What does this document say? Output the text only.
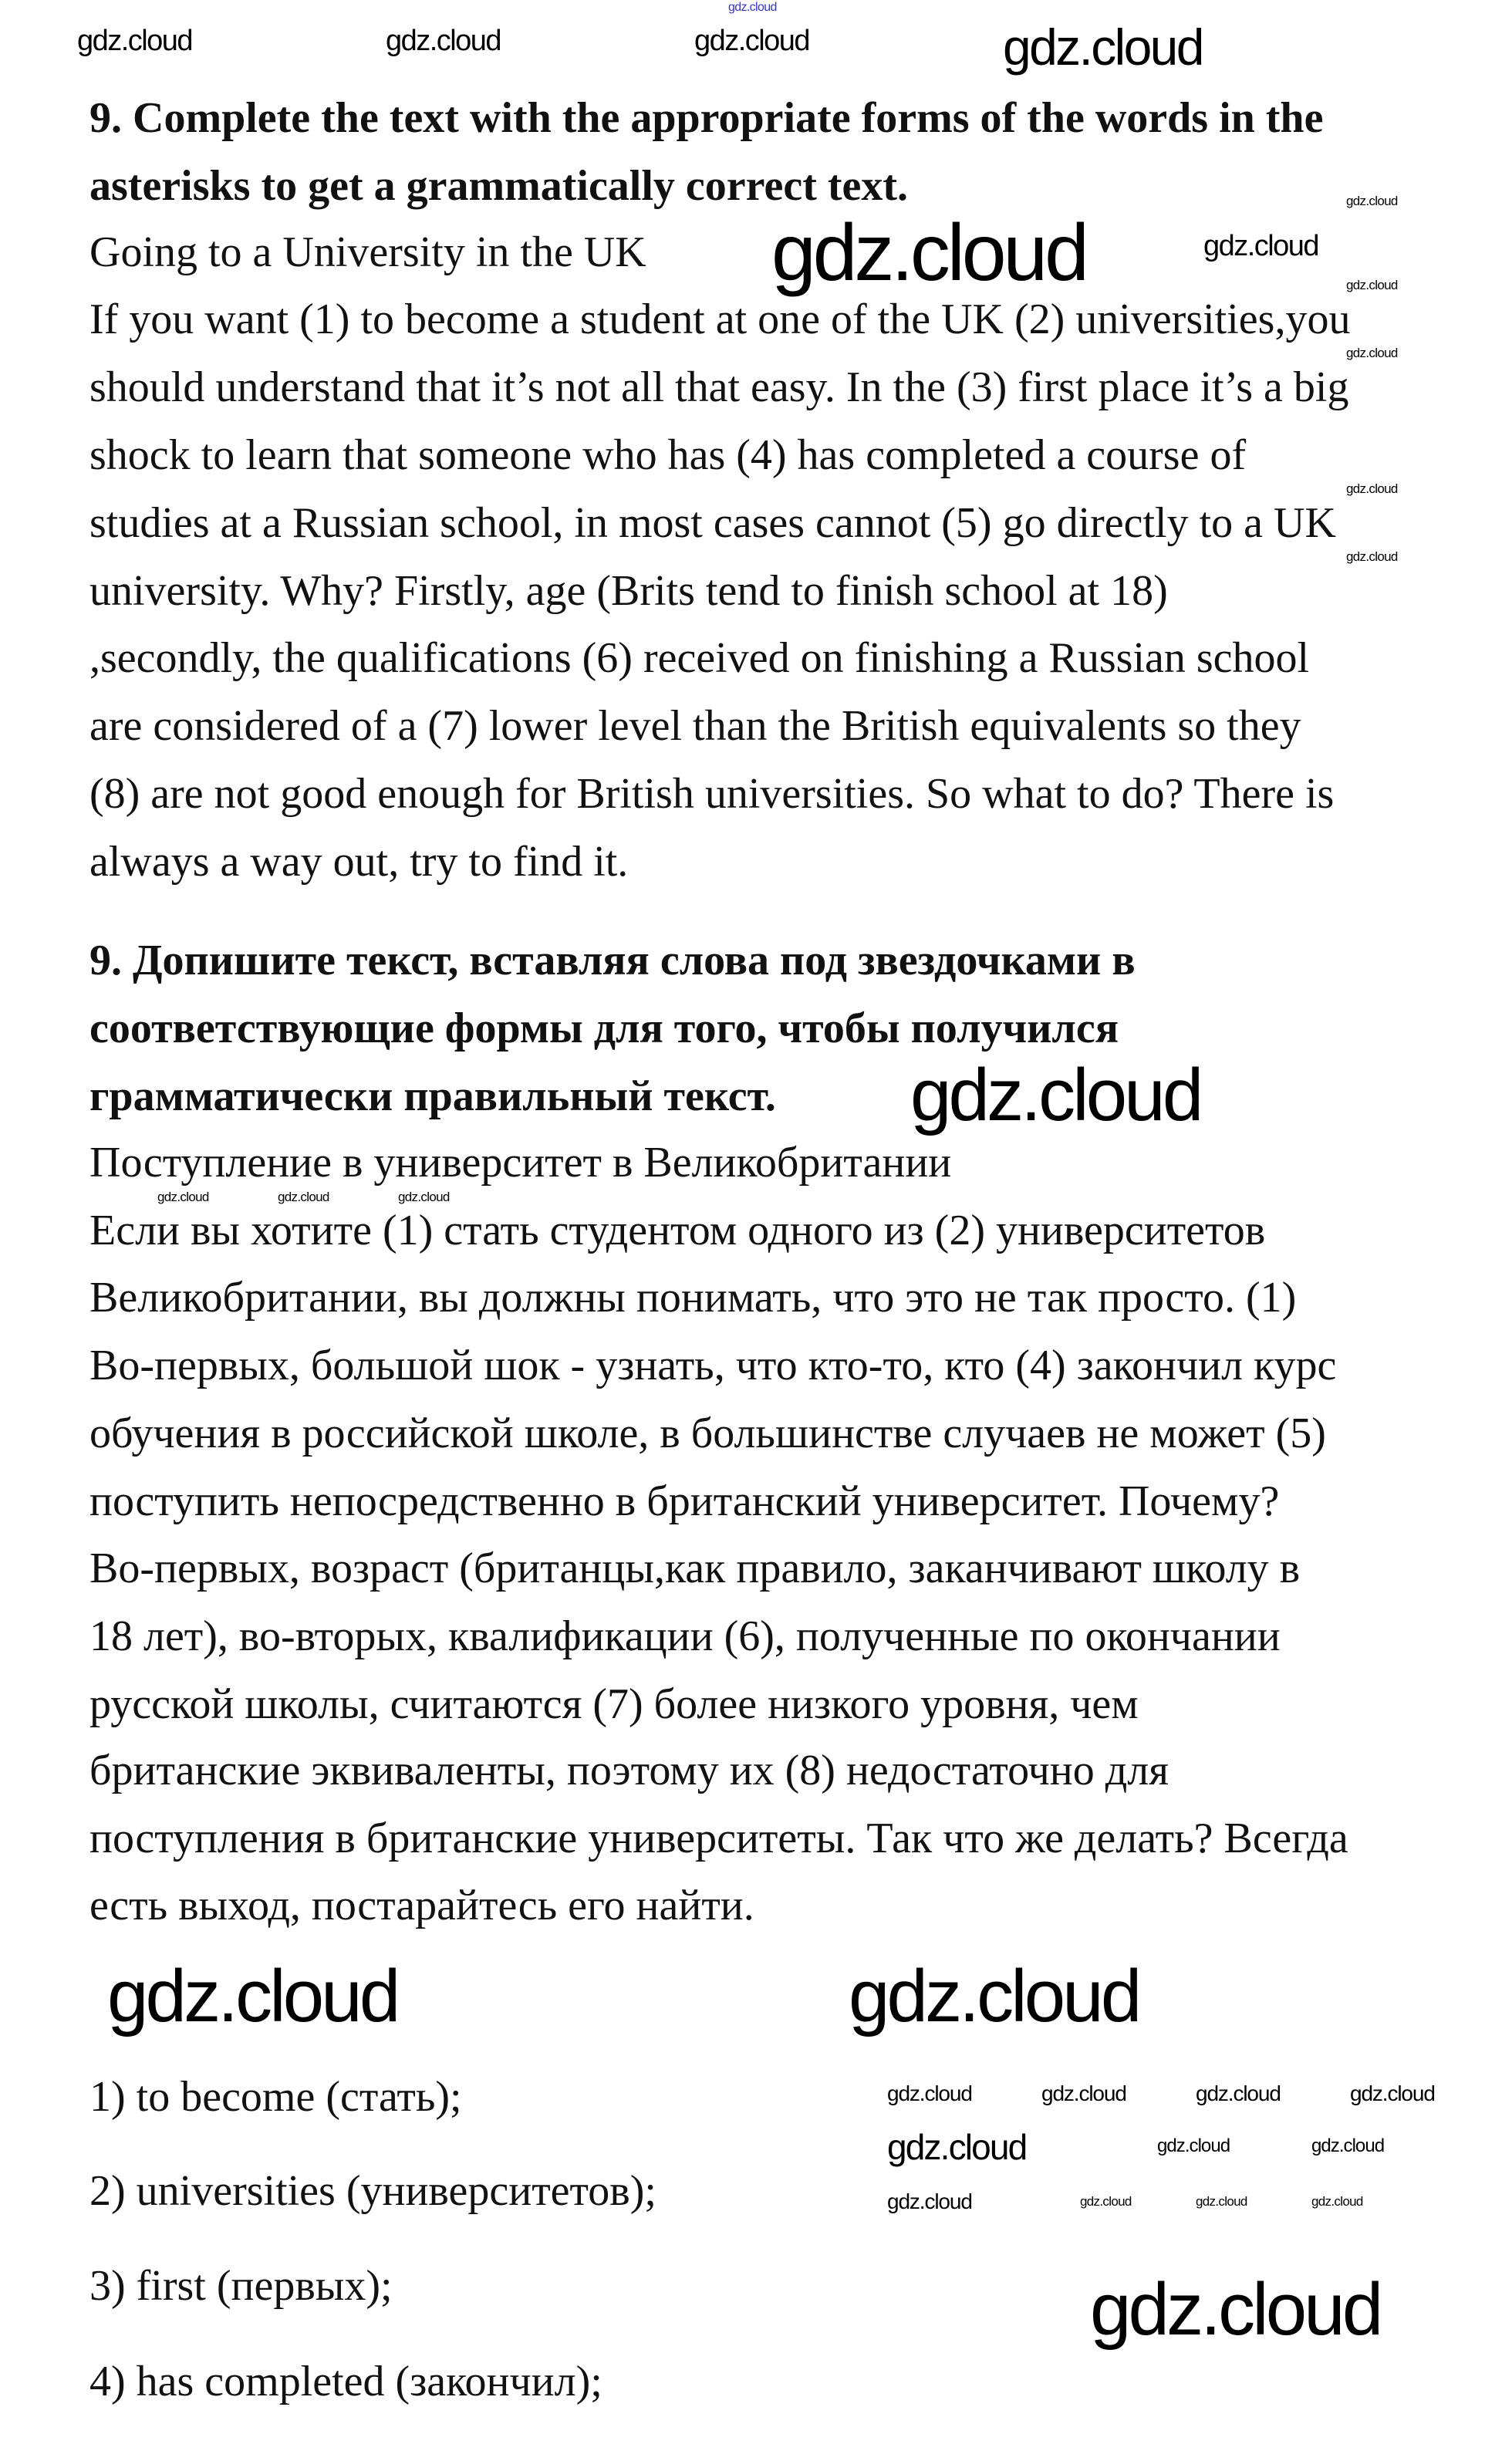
9. Complete the text with the appropriate forms of the words in the
asterisks to get a grammatically correct text.
Going to a University in the UK
If you want (1) to become a student at one of the UK (2) universities,you
should understand that it’s not all that easy. In the (3) first place it’s a big
shock to learn that someone who has (4) has completed a course of
studies at a Russian school, in most cases cannot (5) go directly to a UK
university. Why? Firstly, age (Brits tend to finish school at 18)
,secondly, the qualifications (6) received on finishing a Russian school
are considered of a (7) lower level than the British equivalents so they
(8) are not good enough for British universities. So what to do? There is
always a way out, try to find it.
9. Допишите текст, вставляя слова под звездочками в
соответствующие формы для того, чтобы получился
грамматически правильный текст.
Поступление в университет в Великобритании
Если вы хотите (1) стать студентом одного из (2) университетов
Великобритании, вы должны понимать, что это не так просто. (1)
Во-первых, большой шок - узнать, что кто-то, кто (4) закончил курс
обучения в российской школе, в большинстве случаев не может (5)
поступить непосредственно в британский университет. Почему?
Во-первых, возраст (британцы,как правило, заканчивают школу в
18 лет), во-вторых, квалификации (6), полученные по окончании
русской школы, считаются (7) более низкого уровня, чем
британские эквиваленты, поэтому их (8) недостаточно для
поступления в британские университеты. Так что же делать? Всегда
есть выход, постарайтесь его найти.
1) to become (стать);
2) universities (университетов);
3) first (первых);
4) has completed (закончил);
gdz.cloud
gdz.cloud	gdz.cloud	gdz.cloud	gdz.cloud
gdz.cloud	gdz.cloud
gdz.cloud
gdz.cloud
gdz.cloud
gdz.cloud
gdz.cloud
gdz.cloud
gdz.cloud	gdz.cloud	gdz.cloud
gdz.cloud	gdz.cloud
gdz.cloud	gdz.cloud	gdz.cloud	gdz.cloud
gdz.cloud	gdz.cloud	gdz.cloud
gdz.cloud	gdz.cloud	gdz.cloud	gdz.cloud
gdz.cloud
